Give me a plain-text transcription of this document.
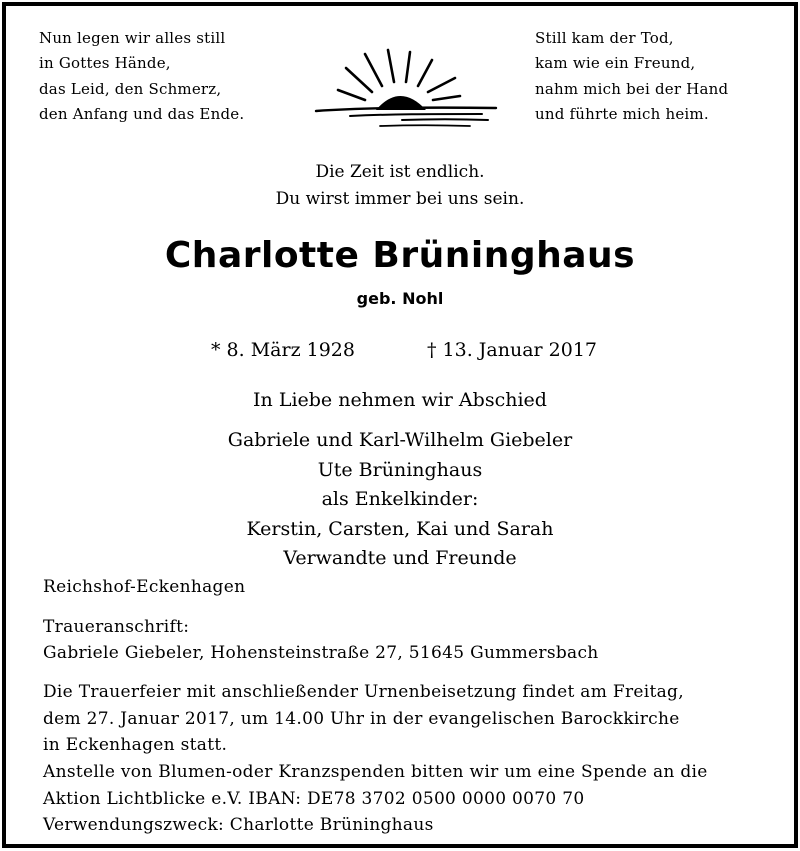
Nun legen wir alles still
in Gottes Hände,
das Leid, den Schmerz,
den Anfang und das Ende.
Still kam der Tod,
kam wie ein Freund,
nahm mich bei der Hand
und führte mich heim.
Die Zeit ist endlich.
Du wirst immer bei uns sein.
Charlotte Brüninghaus
geb. Nohl
* 8. März 1928	† 13. Januar 2017
In Liebe nehmen wir Abschied
Gabriele und Karl-Wilhelm Giebeler
Ute Brüninghaus
als Enkelkinder:
Kerstin, Carsten, Kai und Sarah
Verwandte und Freunde
Reichshof-Eckenhagen
Traueranschrift:
Gabriele Giebeler, Hohensteinstraße 27, 51645 Gummersbach
Die Trauerfeier mit anschließender Urnenbeisetzung findet am Freitag,
dem 27. Januar 2017, um 14.00 Uhr in der evangelischen Barockkirche
in Eckenhagen statt.
Anstelle von Blumen-oder Kranzspenden bitten wir um eine Spende an die
Aktion Lichtblicke e.V. IBAN: DE78 3702 0500 0000 0070 70
Verwendungszweck: Charlotte Brüninghaus
